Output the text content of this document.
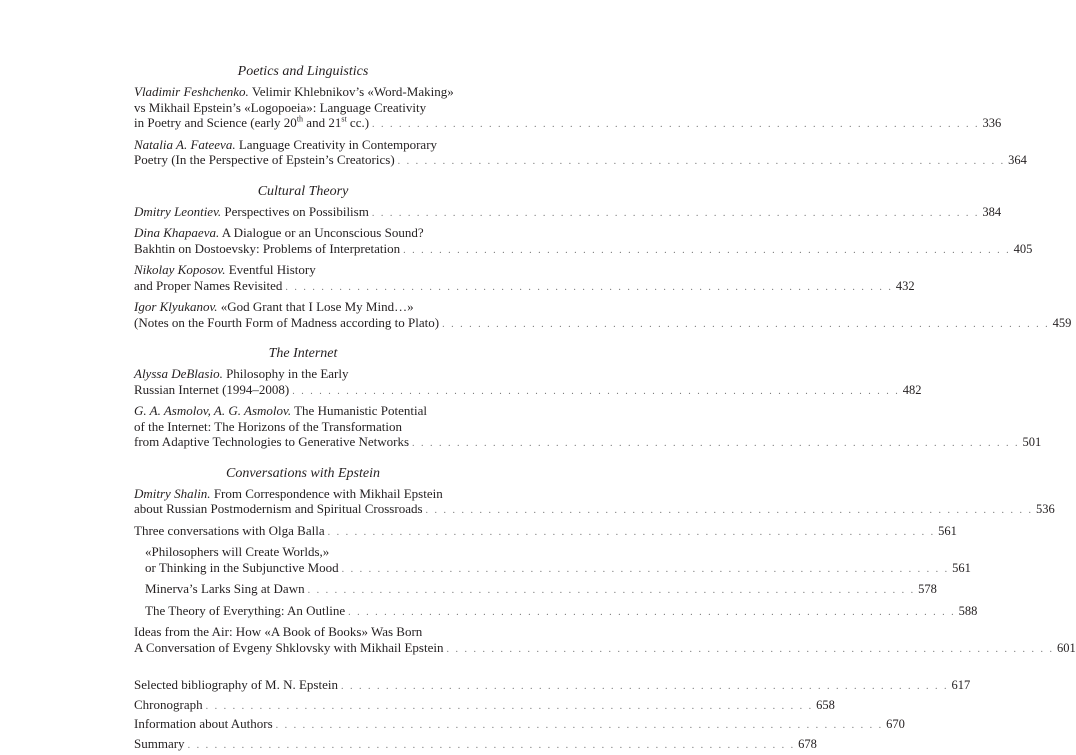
Poetics and Linguistics
Vladimir Feshchenko. Velimir Khlebnikov’s «Word-Making»
vs Mikhail Epstein’s «Logopoeia»: Language Creativity
in Poetry and Science (early 20th and 21st cc.) . . .	336
Natalia A. Fateeva. Language Creativity in Contemporary
Poetry (In the Perspective of Epstein’s Creatorics) . . .	364
Cultural Theory
Dmitry Leontiev. Perspectives on Possibilism . . .	384
Dina Khapaeva. A Dialogue or an Unconscious Sound?
Bakhtin on Dostoevsky: Problems of Interpretation . . .	405
Nikolay Koposov. Eventful History
and Proper Names Revisited . . .	432
Igor Klyukanov. «God Grant that I Lose My Mind…»
(Notes on the Fourth Form of Madness according to Plato) . . .	459
The Internet
Alyssa DeBlasio. Philosophy in the Early
Russian Internet (1994–2008) . . .	482
G. A. Asmolov, A. G. Asmolov. The Humanistic Potential
of the Internet: The Horizons of the Transformation
from Adaptive Technologies to Generative Networks . . .	501
Conversations with Epstein
Dmitry Shalin. From Correspondence with Mikhail Epstein
about Russian Postmodernism and Spiritual Crossroads . . .	536
Three conversations with Olga Balla . . .	561
«Philosophers will Create Worlds,»
or Thinking in the Subjunctive Mood . . .	561
Minerva’s Larks Sing at Dawn . . .	578
The Theory of Everything: An Outline . . .	588
Ideas from the Air: How «A Book of Books» Was Born
A Conversation of Evgeny Shklovsky with Mikhail Epstein . . .	601
Selected bibliography of M. N. Epstein . . .	617
Chronograph . . .	658
Information about Authors . . .	670
Summary . . .	678
